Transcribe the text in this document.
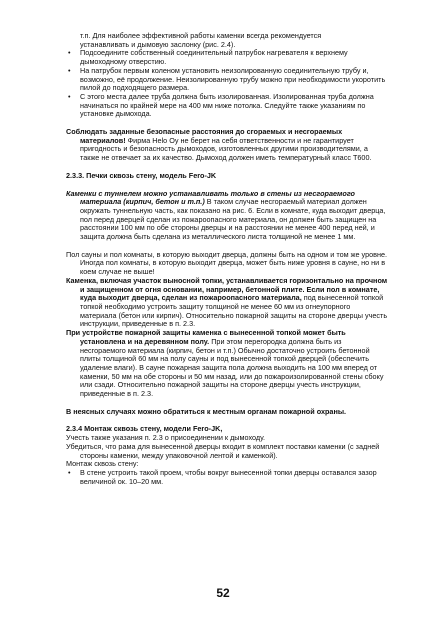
т.п. Для наиболее эффективной работы каменки всегда рекомендуется

устанавливать и дымовую заслонку (рис. 2.4).

• Подсоедините собственный соединительный патрубок нагревателя к верхнему дымоходному отверстию.
• На патрубок первым коленом установить неизолированную соединительную трубу и, возможно, её продолжение. Неизолированную трубу можно при необходимости укоротить пилой до подходящего размера.
• С этого места далее труба должна быть изолированная. Изолированная труба должна начинаться по крайней мере на 400 мм ниже потолка. Следуйте также указаниям по установке дымохода.

Соблюдать заданные безопасные расстояния до сгораемых и несгораемых материалов! Фирма Helo Oy не берет на себя ответственности и не гарантирует пригодность и безопасность дымоходов, изготовленных другими производителями, а также не отвечает за их качество. Дымоход должен иметь температурный класс Т600.

2.3.3. Печки сквозь стену, модель Fero-JK

Каменки с туннелем можно устанавливать только в стены из несгораемого материала (кирпич, бетон и т.п.) В таком случае несгораемый материал должен окружать туннельную часть, как показано на рис. 6. Если в комнате, куда выходит дверца, пол перед дверцей сделан из пожароопасного материала, он должен быть защищен на расстоянии 100 мм по обе стороны дверцы и на расстоянии не менее 400 перед ней, и защита должна быть сделана из металлического листа толщиной не менее 1 мм.

Пол сауны и пол комнаты, в которую выходит дверца, должны быть на одном и том же уровне. Иногда пол комнаты, в которую выходит дверца, может быть ниже уровня в сауне, но ни в коем случае не выше!

Каменка, включая участок выносной топки, устанавливается горизонтально на прочном и защищенном от огня основании, например, бетонной плите. Если пол в комнате, куда выходит дверца, сделан из пожароопасного материала, под вынесенной топкой топкой необходимо устроить защиту толщиной не менее 60 мм из огнеупорного материала (бетон или кирпич). Относительно пожарной защиты на стороне дверцы учесть инструкции, приведенные в п. 2.3.

При устройстве пожарной защиты каменка с вынесенной топкой может быть установлена и на деревянном полу. При этом перегородка должна быть из несгораемого материала (кирпич, бетон и т.п.) Обычно достаточно устроить бетонной плиты толщиной 60 мм на полу сауны и под вынесенной топкой дверцей (обеспечить удаление влаги). В сауне пожарная защита пола должна выходить на 100 мм вперед от каменки, 50 мм на обе стороны и 50 мм назад, или до пожароизолированной стены сбоку или сзади. Относительно пожарной защиты на стороне дверцы учесть инструкции, приведенные в п. 2.3.

В неясных случаях можно обратиться к местным органам пожарной охраны.

2.3.4 Монтаж сквозь стену, модели Fero-JK,

Учесть также указания п. 2.3 о присоединении к дымоходу.

Убедиться, что рама для вынесенной дверцы входит в комплект поставки каменки (с задней стороны каменки, между упаковочной лентой и каменкой).

Монтаж сквозь стену:

• В стене устроить такой проем, чтобы вокруг вынесенной топки дверцы оставался зазор величиной ок. 10–20 мм.
52
